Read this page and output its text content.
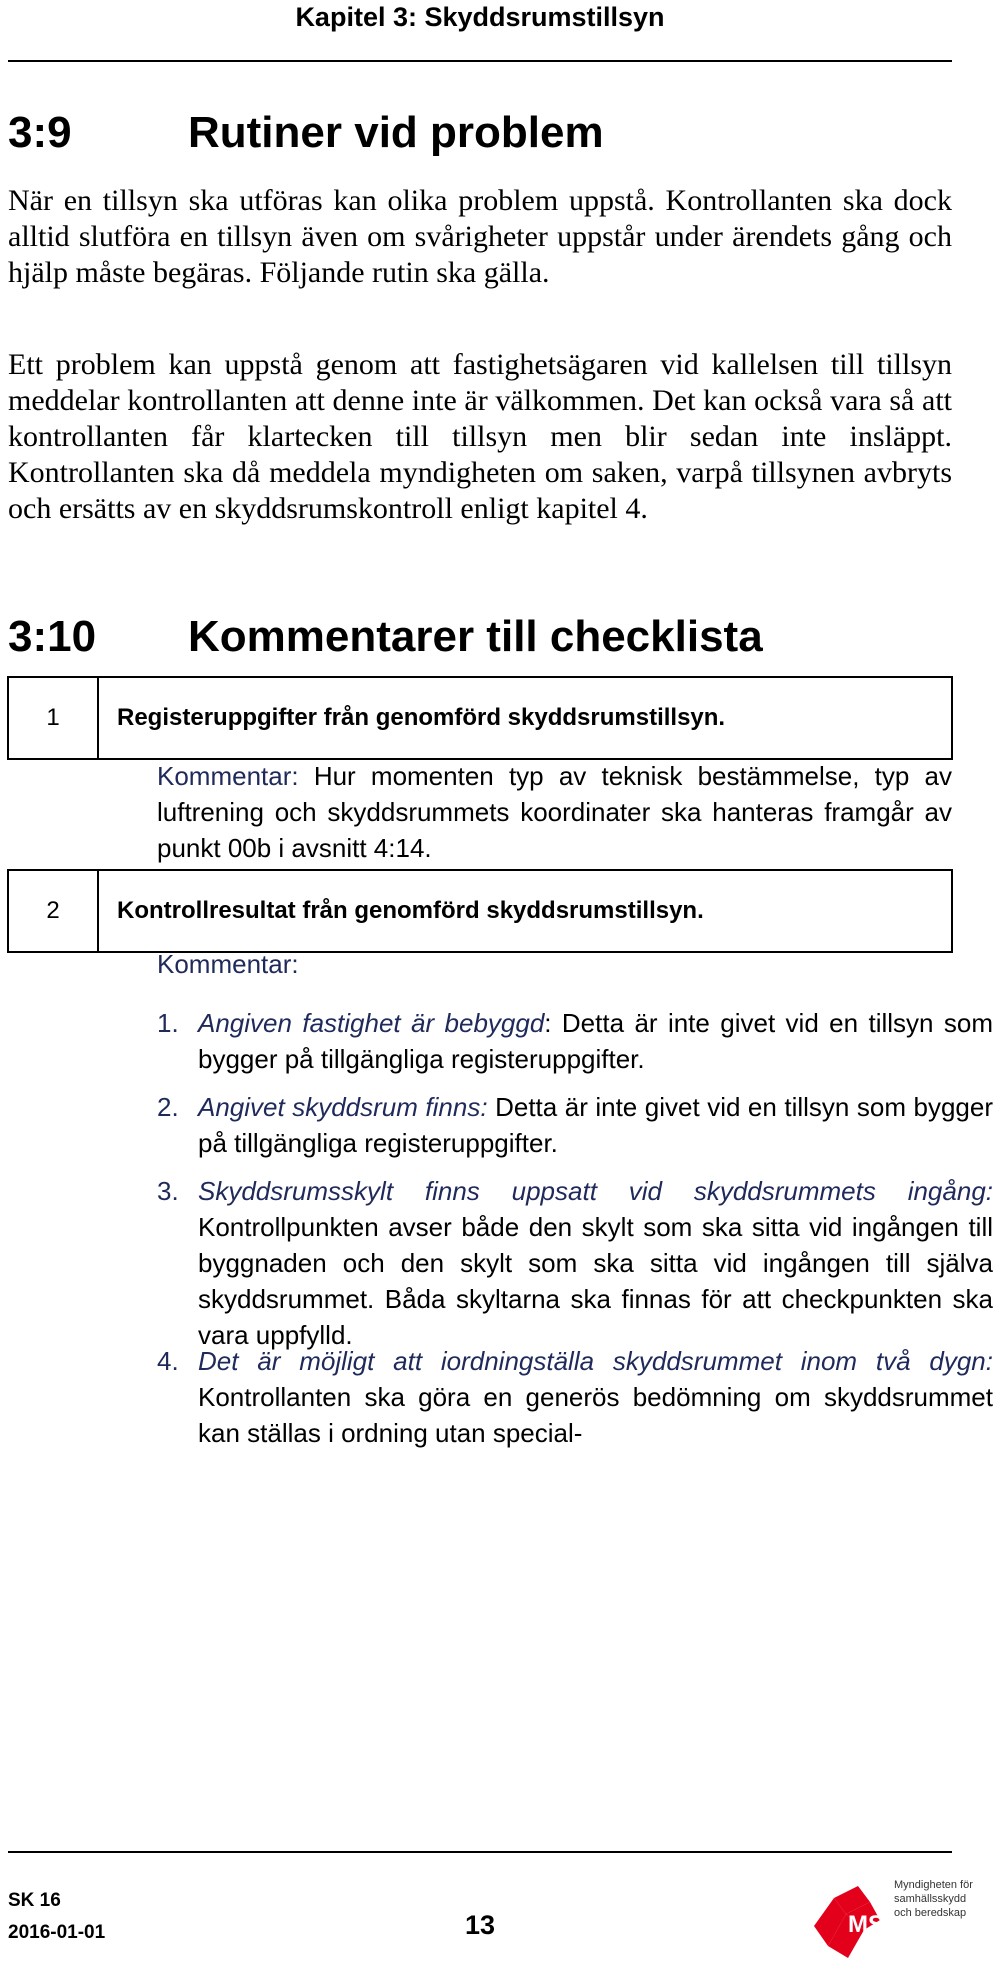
Kapitel 3: Skyddsrumstillsyn
3:9	Rutiner vid problem

När en tillsyn ska utföras kan olika problem uppstå. Kontrollanten ska dock alltid slutföra en tillsyn även om svårigheter uppstår under ärendets gång och hjälp måste begäras. Följande rutin ska gälla.

Ett problem kan uppstå genom att fastighetsägaren vid kallelsen till tillsyn meddelar kontrollanten att denne inte är välkommen. Det kan också vara så att kontrollanten får klartecken till tillsyn men blir sedan inte insläppt. Kontrollanten ska då meddela myndigheten om saken, varpå tillsynen avbryts och ersätts av en skyddsrumskontroll enligt kapitel 4.

3:10 Kommentarer till checklista
1	Registeruppgifter från genomförd skyddsrumstillsyn.

Kommentar: Hur momenten typ av teknisk bestämmelse, typ av luftrening och skyddsrummets koordinater ska hanteras framgår av punkt 00b i avsnitt 4:14.

2	Kontrollresultat från genomförd skyddsrumstillsyn.

Kommentar:

1. Angiven fastighet är bebyggd: Detta är inte givet vid en tillsyn som bygger på tillgängliga registeruppgifter.
2. Angivet skyddsrum finns: Detta är inte givet vid en tillsyn som bygger på tillgängliga registeruppgifter.
3. Skyddsrumsskylt finns uppsatt vid skyddsrummets ingång: Kontrollpunkten avser både den skylt som ska sitta vid ingången till byggnaden och den skylt som ska sitta vid ingången till själva skyddsrummet. Båda skyltarna ska finnas för att checkpunkten ska vara uppfylld.
4. Det är möjligt att iordningställa skyddsrummet inom två dygn: Kontrollanten ska göra en generös bedömning om skyddsrummet kan ställas i ordning utan special-
SK 16
2016-01-01	13	MSB
Myndigheten för
samhällsskydd
och beredskap
